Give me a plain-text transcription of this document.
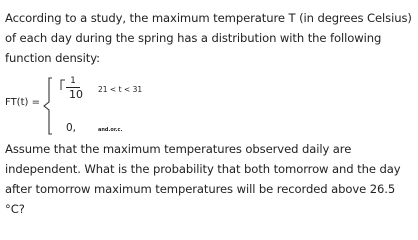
According to a study, the maximum temperature T (in degrees Celsius) of each day during the spring has a distribution with the following function density:

FT(t) =
1
10 21 < t < 31
0,	and.or.c.

Assume that the maximum temperatures observed daily are independent. What is the probability that both tomorrow and the day after tomorrow maximum temperatures will be recorded above 26.5 °C?
